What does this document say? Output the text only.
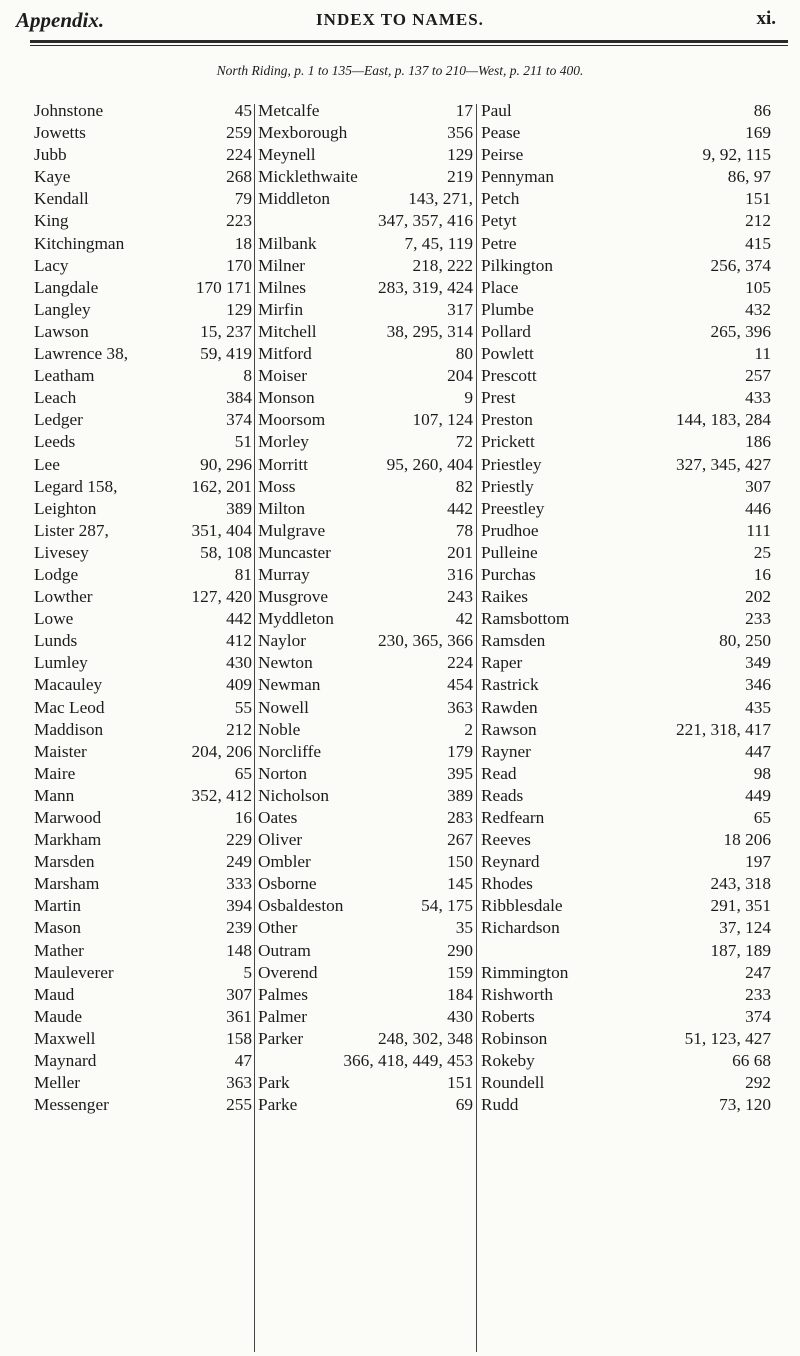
Appendix.	INDEX TO NAMES.	xi.
North Riding, p. 1 to 135—East, p. 137 to 210—West, p. 211 to 400.
Johnstone	45
Jowetts	259
Jubb	224
Kaye	268
Kendall	79
King	223
Kitchingman	18
Lacy	170
Langdale	170 171
Langley	129
Lawson	15, 237
Lawrence 38,	59, 419
Leatham	8
Leach	384
Ledger	374
Leeds	51
Lee	90, 296
Legard 158,	162, 201
Leighton	389
Lister 287,	351, 404
Livesey	58, 108
Lodge	81
Lowther	127, 420
Lowe	442
Lunds	412
Lumley	430
Macauley	409
Mac Leod	55
Maddison	212
Maister	204, 206
Maire	65
Mann	352, 412
Marwood	16
Markham	229
Marsden	249
Marsham	333
Martin	394
Mason	239
Mather	148
Mauleverer	5
Maud	307
Maude	361
Maxwell	158
Maynard	47
Meller	363
Messenger	255
Metcalfe	17
Mexborough	356
Meynell	129
Micklethwaite	219
Middleton	143, 271,
347, 357, 416
Milbank	7, 45, 119
Milner	218, 222
Milnes	283, 319, 424
Mirfin	317
Mitchell	38, 295, 314
Mitford	80
Moiser	204
Monson	9
Moorsom	107, 124
Morley	72
Morritt	95, 260, 404
Moss	82
Milton	442
Mulgrave	78
Muncaster	201
Murray	316
Musgrove	243
Myddleton	42
Naylor	230, 365, 366
Newton	224
Newman	454
Nowell	363
Noble	2
Norcliffe	179
Norton	395
Nicholson	389
Oates	283
Oliver	267
Ombler	150
Osborne	145
Osbaldeston	54, 175
Other	35
Outram	290
Overend	159
Palmes	184
Palmer	430
Parker	248, 302, 348
366, 418, 449, 453
Park	151
Parke	69
Paul	86
Pease	169
Peirse	9, 92, 115
Pennyman	86, 97
Petch	151
Petyt	212
Petre	415
Pilkington	256, 374
Place	105
Plumbe	432
Pollard	265, 396
Powlett	11
Prescott	257
Prest	433
Preston	144, 183, 284
Prickett	186
Priestley	327, 345, 427
Priestly	307
Preestley	446
Prudhoe	111
Pulleine	25
Purchas	16
Raikes	202
Ramsbottom	233
Ramsden	80, 250
Raper	349
Rastrick	346
Rawden	435
Rawson	221, 318, 417
Rayner	447
Read	98
Reads	449
Redfearn	65
Reeves	18 206
Reynard	197
Rhodes	243, 318
Ribblesdale	291, 351
Richardson	37, 124
187, 189
Rimmington	247
Rishworth	233
Roberts	374
Robinson	51, 123, 427
Rokeby	66 68
Roundell	292
Rudd	73, 120
